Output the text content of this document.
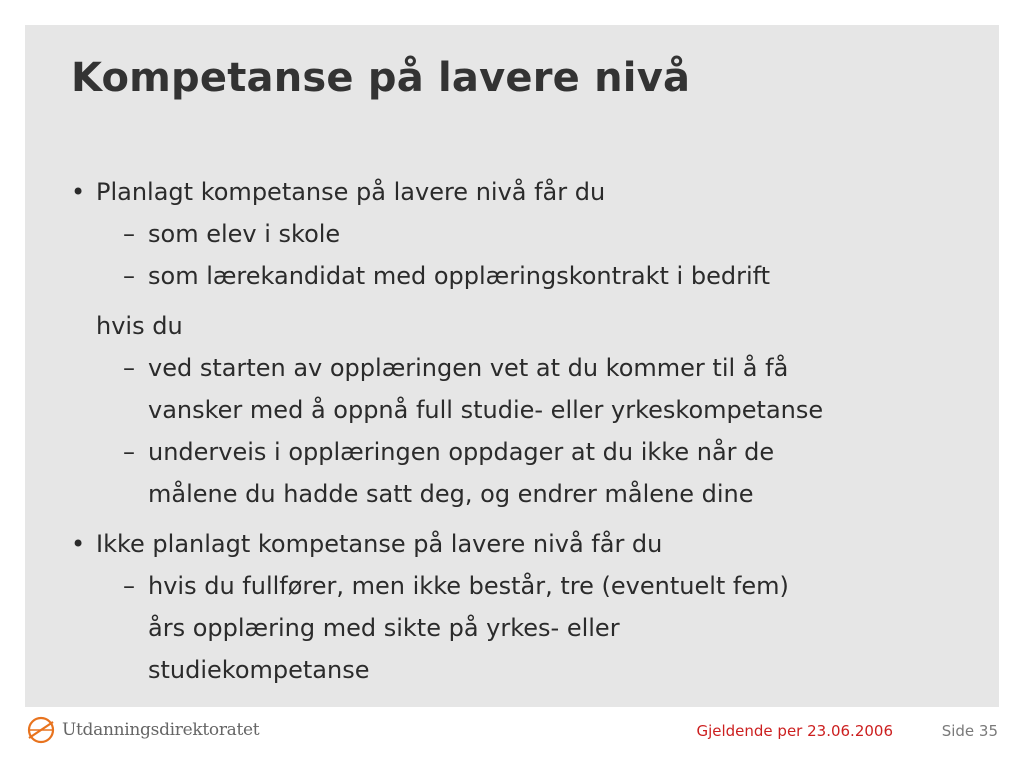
Kompetanse på lavere nivå
• Planlagt kompetanse på lavere nivå får du
– som elev i skole
– som lærekandidat med opplæringskontrakt i bedrift
hvis du
– ved starten av opplæringen vet at du kommer til å få
vansker med å oppnå full studie- eller yrkeskompetanse
– underveis i opplæringen oppdager at du ikke når de
målene du hadde satt deg, og endrer målene dine
• Ikke planlagt kompetanse på lavere nivå får du
– hvis du fullfører, men ikke består, tre (eventuelt fem)
års opplæring med sikte på yrkes- eller
studiekompetanse
Utdanningsdirektoratet	Gjeldende per 23.06.2006	Side 35
